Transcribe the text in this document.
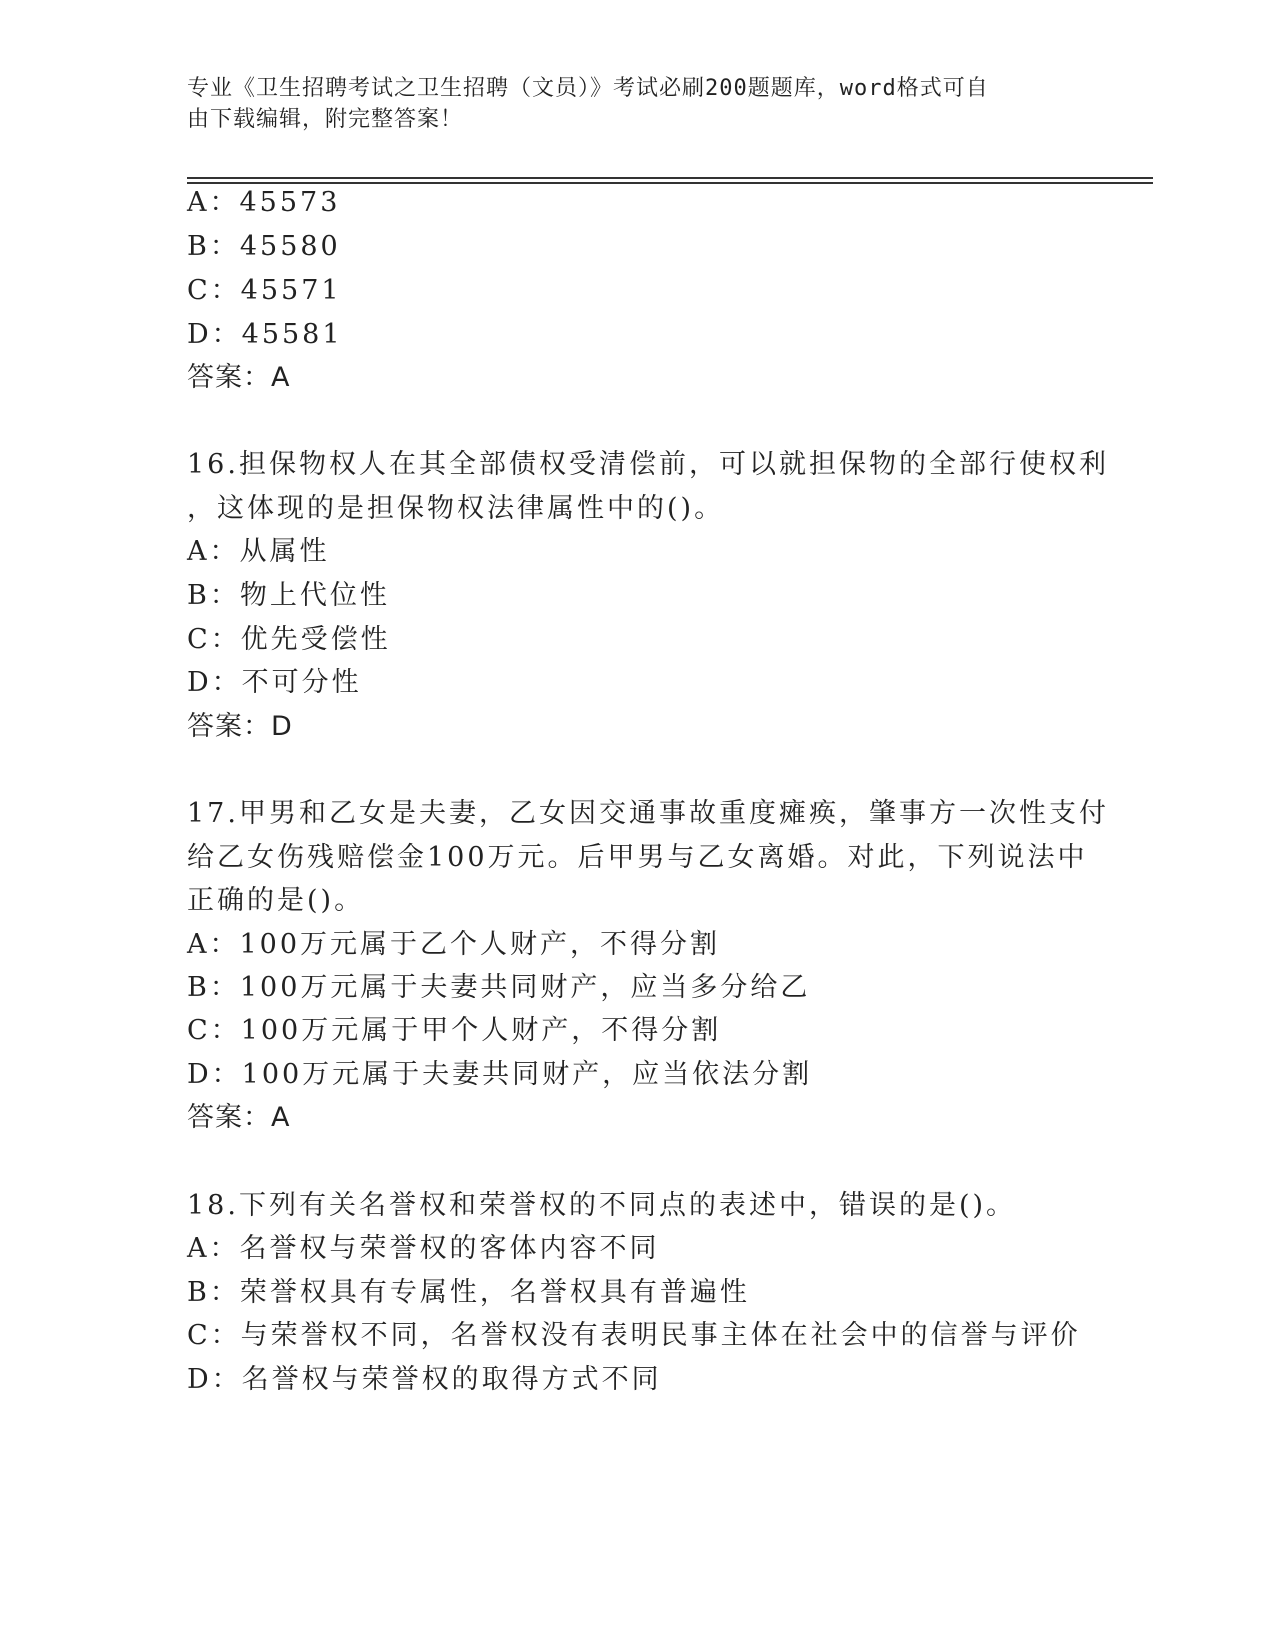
专业《卫生招聘考试之卫生招聘（文员）》考试必刷200题题库，word格式可自
由下载编辑，附完整答案！
A：45573
B：45580
C：45571
D：45581
答案：A
16.担保物权人在其全部债权受清偿前，可以就担保物的全部行使权利
，这体现的是担保物权法律属性中的()。
A：从属性
B：物上代位性
C：优先受偿性
D：不可分性
答案：D
17.甲男和乙女是夫妻，乙女因交通事故重度瘫痪，肇事方一次性支付
给乙女伤残赔偿金100万元。后甲男与乙女离婚。对此，下列说法中
正确的是()。
A：100万元属于乙个人财产，不得分割
B：100万元属于夫妻共同财产，应当多分给乙
C：100万元属于甲个人财产，不得分割
D：100万元属于夫妻共同财产，应当依法分割
答案：A
18.下列有关名誉权和荣誉权的不同点的表述中，错误的是()。
A：名誉权与荣誉权的客体内容不同
B：荣誉权具有专属性，名誉权具有普遍性
C：与荣誉权不同，名誉权没有表明民事主体在社会中的信誉与评价
D：名誉权与荣誉权的取得方式不同
